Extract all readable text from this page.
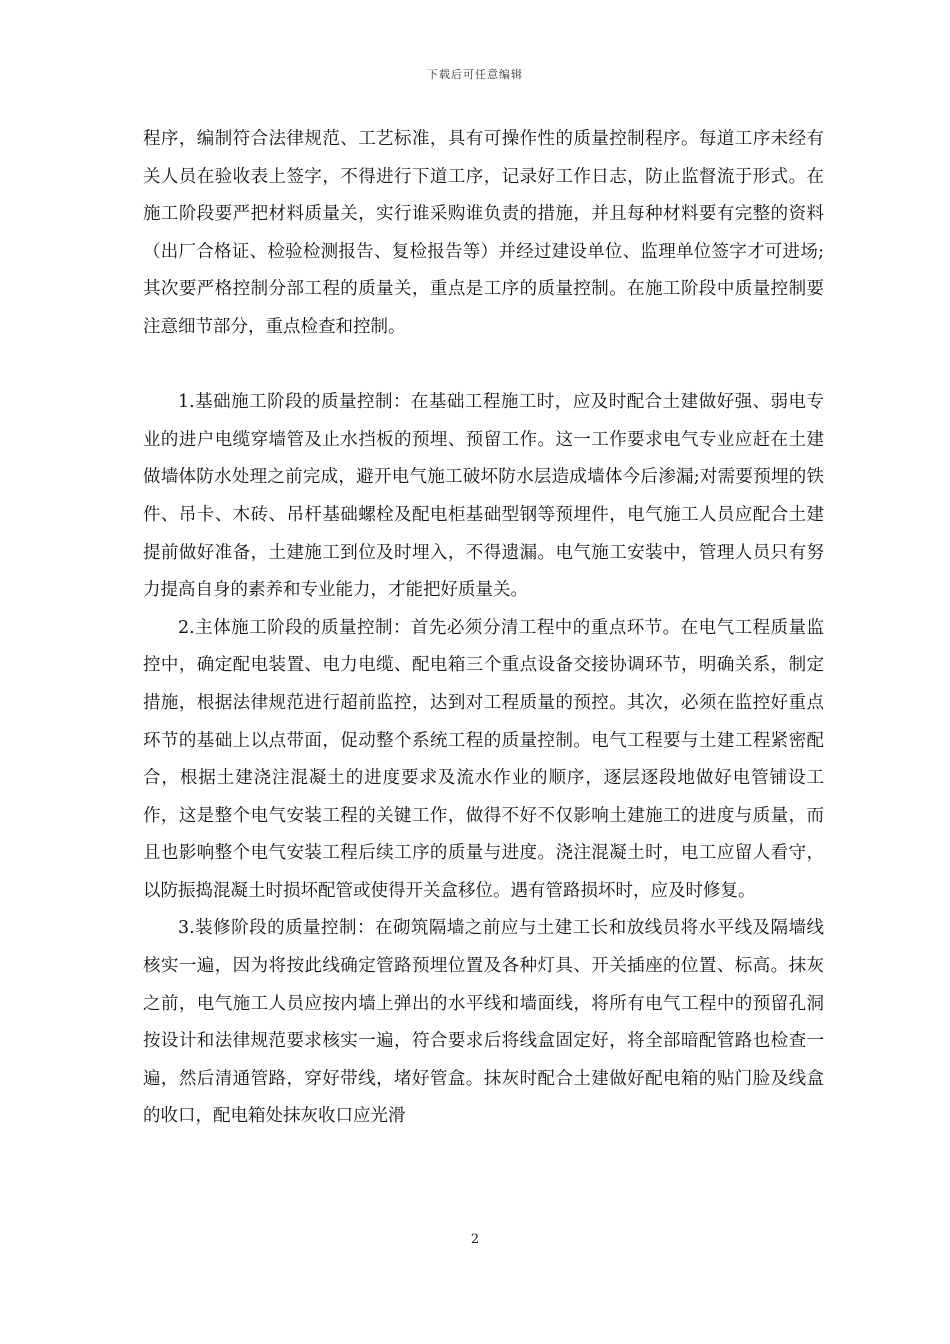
下载后可任意编辑

程序，编制符合法律规范、工艺标准，具有可操作性的质量控制程序。每道工序未经有关人员在验收表上签字，不得进行下道工序，记录好工作日志，防止监督流于形式。在施工阶段要严把材料质量关，实行谁采购谁负责的措施，并且每种材料要有完整的资料（出厂合格证、检验检测报告、复检报告等）并经过建设单位、监理单位签字才可进场;其次要严格控制分部工程的质量关，重点是工序的质量控制。在施工阶段中质量控制要注意细节部分，重点检查和控制。

1.基础施工阶段的质量控制：在基础工程施工时，应及时配合土建做好强、弱电专业的进户电缆穿墙管及止水挡板的预埋、预留工作。这一工作要求电气专业应赶在土建做墙体防水处理之前完成，避开电气施工破坏防水层造成墙体今后渗漏;对需要预埋的铁件、吊卡、木砖、吊杆基础螺栓及配电柜基础型钢等预埋件，电气施工人员应配合土建提前做好准备，土建施工到位及时埋入，不得遗漏。电气施工安装中，管理人员只有努力提高自身的素养和专业能力，才能把好质量关。

2.主体施工阶段的质量控制：首先必须分清工程中的重点环节。在电气工程质量监控中，确定配电装置、电力电缆、配电箱三个重点设备交接协调环节，明确关系，制定措施，根据法律规范进行超前监控，达到对工程质量的预控。其次，必须在监控好重点环节的基础上以点带面，促动整个系统工程的质量控制。电气工程要与土建工程紧密配合，根据土建浇注混凝土的进度要求及流水作业的顺序，逐层逐段地做好电管铺设工作，这是整个电气安装工程的关键工作，做得不好不仅影响土建施工的进度与质量，而且也影响整个电气安装工程后续工序的质量与进度。浇注混凝土时，电工应留人看守，以防振捣混凝土时损坏配管或使得开关盒移位。遇有管路损坏时，应及时修复。

3.装修阶段的质量控制：在砌筑隔墙之前应与土建工长和放线员将水平线及隔墙线核实一遍，因为将按此线确定管路预埋位置及各种灯具、开关插座的位置、标高。抹灰之前，电气施工人员应按内墙上弹出的水平线和墙面线，将所有电气工程中的预留孔洞按设计和法律规范要求核实一遍，符合要求后将线盒固定好，将全部暗配管路也检查一遍，然后清通管路，穿好带线，堵好管盒。抹灰时配合土建做好配电箱的贴门脸及线盒的收口，配电箱处抹灰收口应光滑

2
